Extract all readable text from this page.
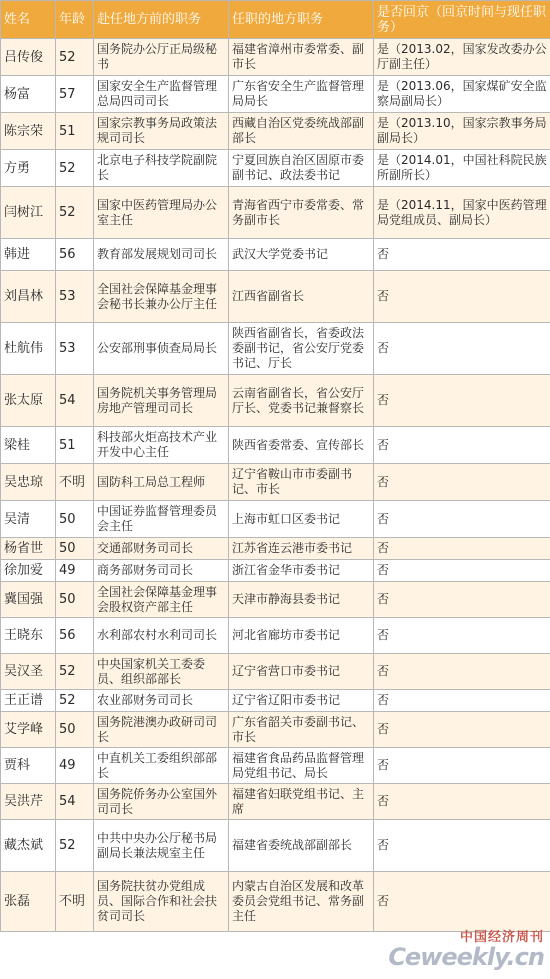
姓名	年龄	赴任地方前的职务	任职的地方职务	是否回京（回京时间与现任职务）
吕传俊	52	国务院办公厅正局级秘书	福建省漳州市委常委、副市长	是（2013.02，国家发改委办公厅副主任）
杨富	57	国家安全生产监督管理总局四司司长	广东省安全生产监督管理局局长	是（2013.06，国家煤矿安全监察局副局长）
陈宗荣	51	国家宗教事务局政策法规司司长	西藏自治区党委统战部副部长	是（2013.10，国家宗教事务局副局长）
方勇	52	北京电子科技学院副院长	宁夏回族自治区固原市委副书记、政法委书记	是（2014.01，中国社科院民族所副所长）
闫树江	52	国家中医药管理局办公室主任	青海省西宁市委常委、常务副市长	是（2014.11，国家中医药管理局党组成员、副局长）
韩进	56	教育部发展规划司司长	武汉大学党委书记	否
刘昌林	53	全国社会保障基金理事会秘书长兼办公厅主任	江西省副省长	否
杜航伟	53	公安部刑事侦查局局长	陕西省副省长，省委政法委副书记，省公安厅党委书记、厅长	否
张太原	54	国务院机关事务管理局房地产管理司司长	云南省副省长，省公安厅厅长、党委书记兼督察长	否
梁桂	51	科技部火炬高技术产业开发中心主任	陕西省委常委、宣传部长	否
吴忠琼	不明	国防科工局总工程师	辽宁省鞍山市市委副书记、市长	否
吴清	50	中国证券监督管理委员会主任	上海市虹口区委书记	否
杨省世	50	交通部财务司司长	江苏省连云港市委书记	否
徐加爱	49	商务部财务司司长	浙江省金华市委书记	否
冀国强	50	全国社会保障基金理事会股权资产部主任	天津市静海县委书记	否
王晓东	56	水利部农村水利司司长	河北省廊坊市委书记	否
吴汉圣	52	中央国家机关工委委员、组织部部长	辽宁省营口市委书记	否
王正谱	52	农业部财务司司长	辽宁省辽阳市委书记	否
艾学峰	50	国务院港澳办政研司司长	广东省韶关市委副书记、市长	否
贾科	49	中直机关工委组织部部长	福建省食品药品监督管理局党组书记、局长	否
吴洪芹	54	国务院侨务办公室国外司司长	福建省妇联党组书记、主席	否
藏杰斌	52	中共中央办公厅秘书局副局长兼法规室主任	福建省委统战部副部长	否
张磊	不明	国务院扶贫办党组成员、国际合作和社会扶贫司司长	内蒙古自治区发展和改革委员会党组书记、常务副主任	否
中国经济周刊
Ceweekly.cn
